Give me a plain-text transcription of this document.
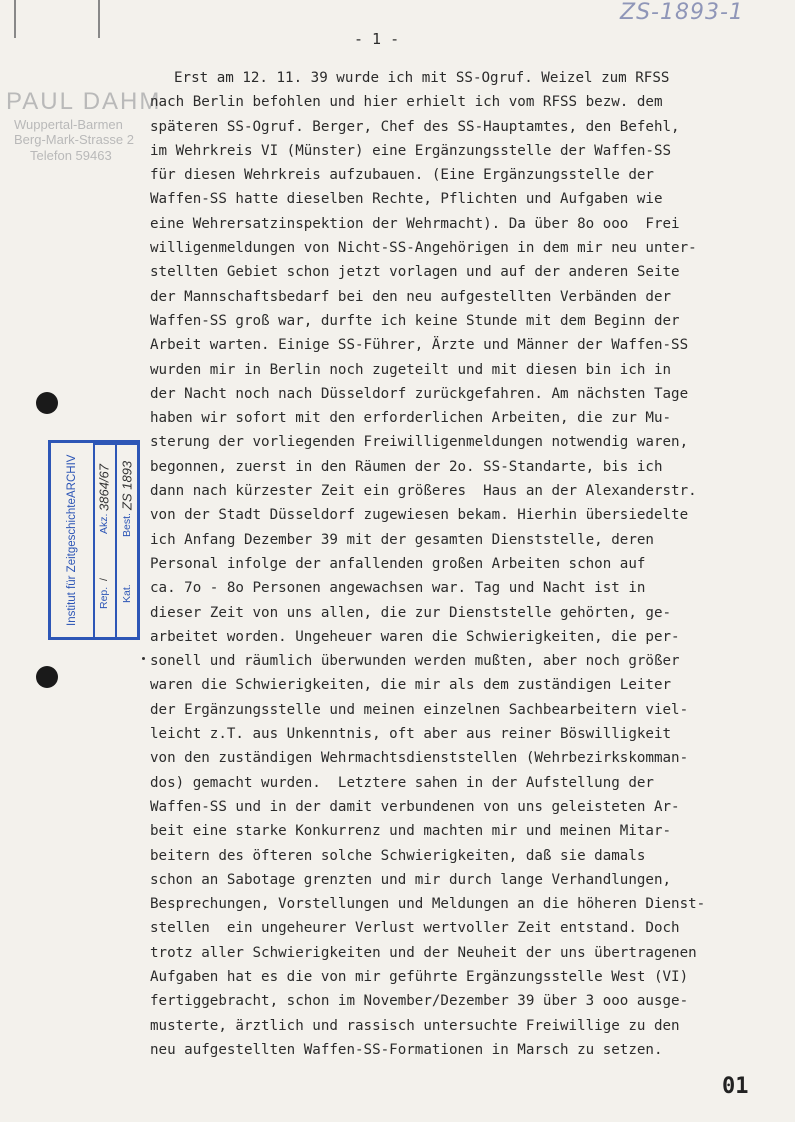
ZS-1893-1
- 1 -
PAUL DAHM
Wuppertal-Barmen
Berg-Mark-Strasse 2
Telefon 59463
Institut für Zeitgeschichte

ARCHIV
Akz.

3864/67
Rep.

/
Best.

ZS 1893
Kat.
Erst am 12. 11. 39 wurde ich mit SS-Ogruf. Weizel zum RFSS
nach Berlin befohlen und hier erhielt ich vom RFSS bezw. dem
späteren SS-Ogruf. Berger, Chef des SS-Hauptamtes, den Befehl,
im Wehrkreis VI (Münster) eine Ergänzungsstelle der Waffen-SS
für diesen Wehrkreis aufzubauen. (Eine Ergänzungsstelle der
Waffen-SS hatte dieselben Rechte, Pflichten und Aufgaben wie
eine Wehrersatzinspektion der Wehrmacht). Da über 8o ooo  Frei
willigenmeldungen von Nicht-SS-Angehörigen in dem mir neu unter-
stellten Gebiet schon jetzt vorlagen und auf der anderen Seite
der Mannschaftsbedarf bei den neu aufgestellten Verbänden der
Waffen-SS groß war, durfte ich keine Stunde mit dem Beginn der
Arbeit warten. Einige SS-Führer, Ärzte und Männer der Waffen-SS
wurden mir in Berlin noch zugeteilt und mit diesen bin ich in
der Nacht noch nach Düsseldorf zurückgefahren. Am nächsten Tage
haben wir sofort mit den erforderlichen Arbeiten, die zur Mu-
sterung der vorliegenden Freiwilligenmeldungen notwendig waren,
begonnen, zuerst in den Räumen der 2o. SS-Standarte, bis ich
dann nach kürzester Zeit ein größeres  Haus an der Alexanderstr.
von der Stadt Düsseldorf zugewiesen bekam. Hierhin übersiedelte
ich Anfang Dezember 39 mit der gesamten Dienststelle, deren
Personal infolge der anfallenden großen Arbeiten schon auf
ca. 7o - 8o Personen angewachsen war. Tag und Nacht ist in
dieser Zeit von uns allen, die zur Dienststelle gehörten, ge-
arbeitet worden. Ungeheuer waren die Schwierigkeiten, die per-
sonell und räumlich überwunden werden mußten, aber noch größer
waren die Schwierigkeiten, die mir als dem zuständigen Leiter
der Ergänzungsstelle und meinen einzelnen Sachbearbeitern viel-
leicht z.T. aus Unkenntnis, oft aber aus reiner Böswilligkeit
von den zuständigen Wehrmachtsdienststellen (Wehrbezirkskomman-
dos) gemacht wurden.  Letztere sahen in der Aufstellung der
Waffen-SS und in der damit verbundenen von uns geleisteten Ar-
beit eine starke Konkurrenz und machten mir und meinen Mitar-
beitern des öfteren solche Schwierigkeiten, daß sie damals
schon an Sabotage grenzten und mir durch lange Verhandlungen,
Besprechungen, Vorstellungen und Meldungen an die höheren Dienst-
stellen  ein ungeheurer Verlust wertvoller Zeit entstand. Doch
trotz aller Schwierigkeiten und der Neuheit der uns übertragenen
Aufgaben hat es die von mir geführte Ergänzungsstelle West (VI)
fertiggebracht, schon im November/Dezember 39 über 3 ooo ausge-
musterte, ärztlich und rassisch untersuchte Freiwillige zu den
neu aufgestellten Waffen-SS-Formationen in Marsch zu setzen.
01
